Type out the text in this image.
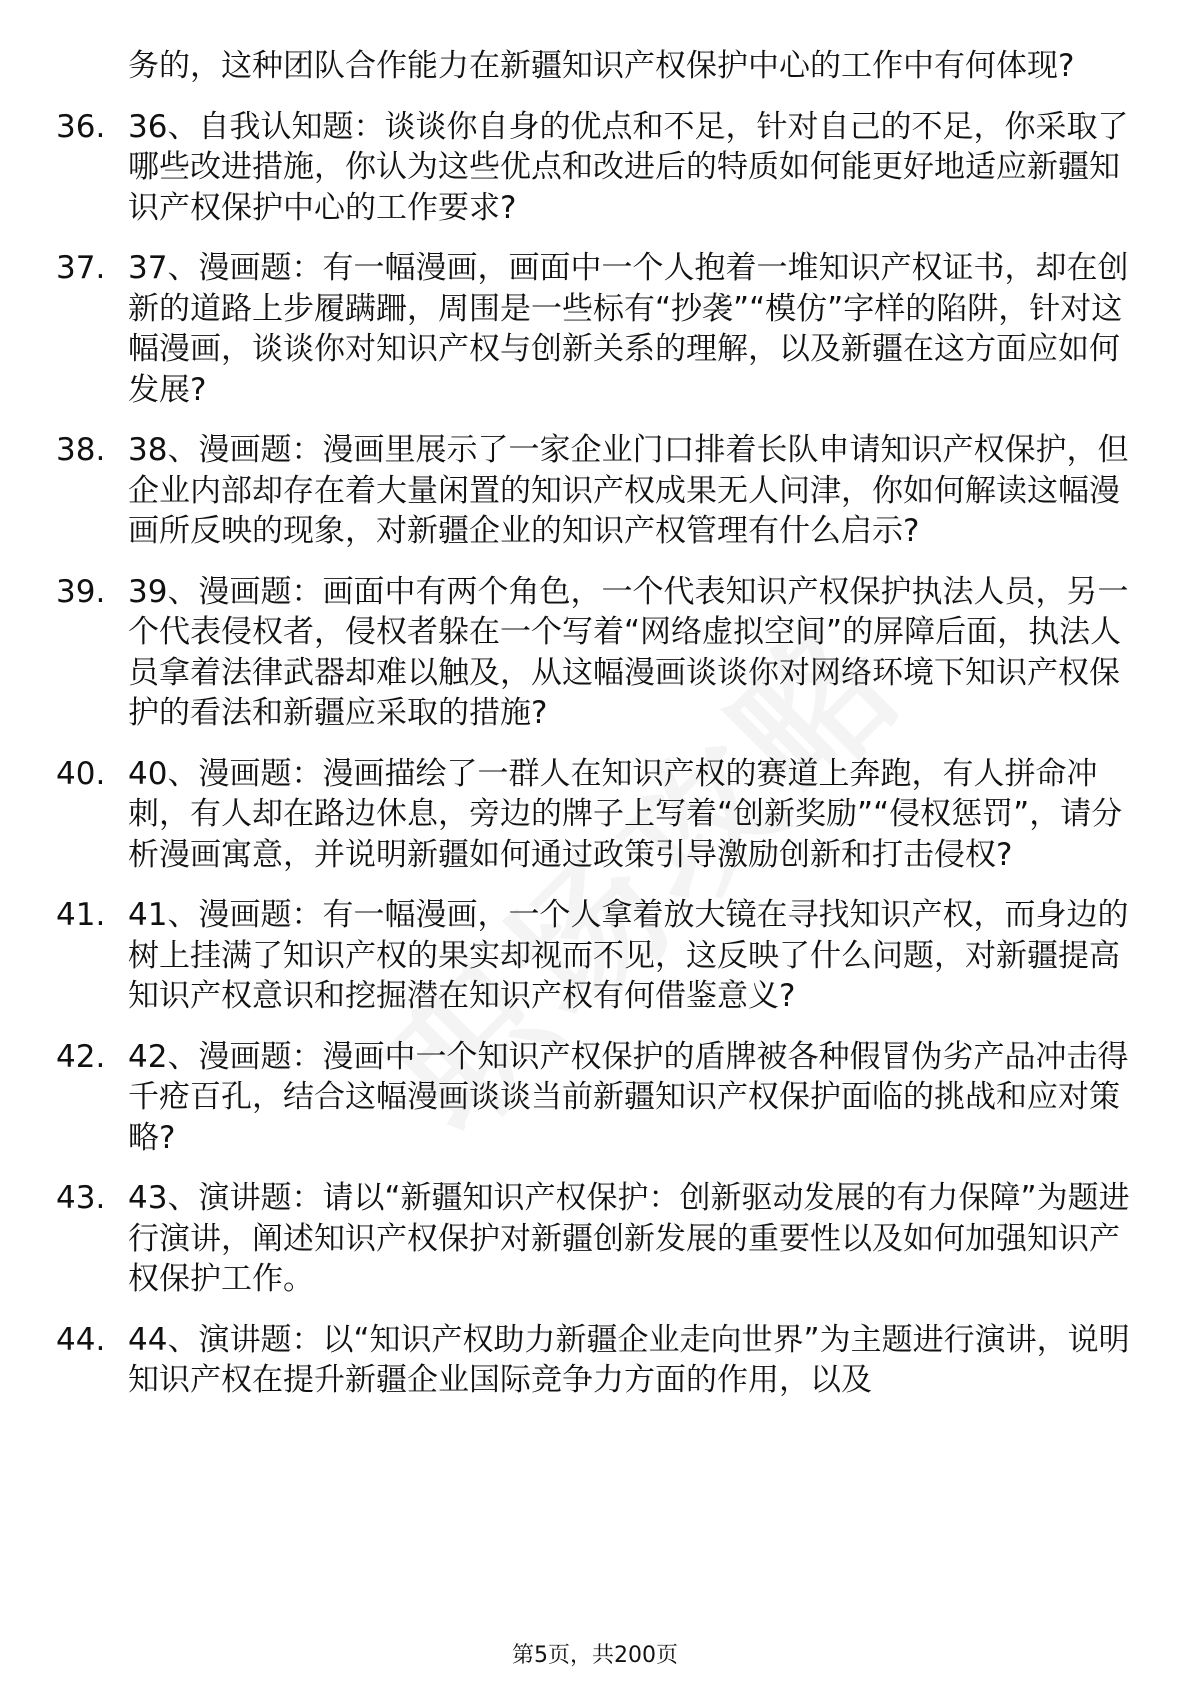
务的，这种团队合作能力在新疆知识产权保护中心的工作中有何体现?
36. 36、自我认知题：谈谈你自身的优点和不足，针对自己的不足，你采取了哪些改进措施，你认为这些优点和改进后的特质如何能更好地适应新疆知识产权保护中心的工作要求?
37. 37、漫画题：有一幅漫画，画面中一个人抱着一堆知识产权证书，却在创新的道路上步履蹒跚，周围是一些标有“抄袭”“模仿”字样的陷阱，针对这幅漫画，谈谈你对知识产权与创新关系的理解，以及新疆在这方面应如何发展?
38. 38、漫画题：漫画里展示了一家企业门口排着长队申请知识产权保护，但企业内部却存在着大量闲置的知识产权成果无人问津，你如何解读这幅漫画所反映的现象，对新疆企业的知识产权管理有什么启示?
39. 39、漫画题：画面中有两个角色，一个代表知识产权保护执法人员，另一个代表侵权者，侵权者躲在一个写着“网络虚拟空间”的屏障后面，执法人员拿着法律武器却难以触及，从这幅漫画谈谈你对网络环境下知识产权保护的看法和新疆应采取的措施?
40. 40、漫画题：漫画描绘了一群人在知识产权的赛道上奔跑，有人拼命冲刺，有人却在路边休息，旁边的牌子上写着“创新奖励”“侵权惩罚”，请分析漫画寓意，并说明新疆如何通过政策引导激励创新和打击侵权?
41. 41、漫画题：有一幅漫画，一个人拿着放大镜在寻找知识产权，而身边的树上挂满了知识产权的果实却视而不见，这反映了什么问题，对新疆提高知识产权意识和挖掘潜在知识产权有何借鉴意义?
42. 42、漫画题：漫画中一个知识产权保护的盾牌被各种假冒伪劣产品冲击得千疮百孔，结合这幅漫画谈谈当前新疆知识产权保护面临的挑战和应对策略?
43. 43、演讲题：请以“新疆知识产权保护：创新驱动发展的有力保障”为题进行演讲，阐述知识产权保护对新疆创新发展的重要性以及如何加强知识产权保护工作。
44. 44、演讲题：以“知识产权助力新疆企业走向世界”为主题进行演讲，说明知识产权在提升新疆企业国际竞争力方面的作用，以及
第5页，共200页
